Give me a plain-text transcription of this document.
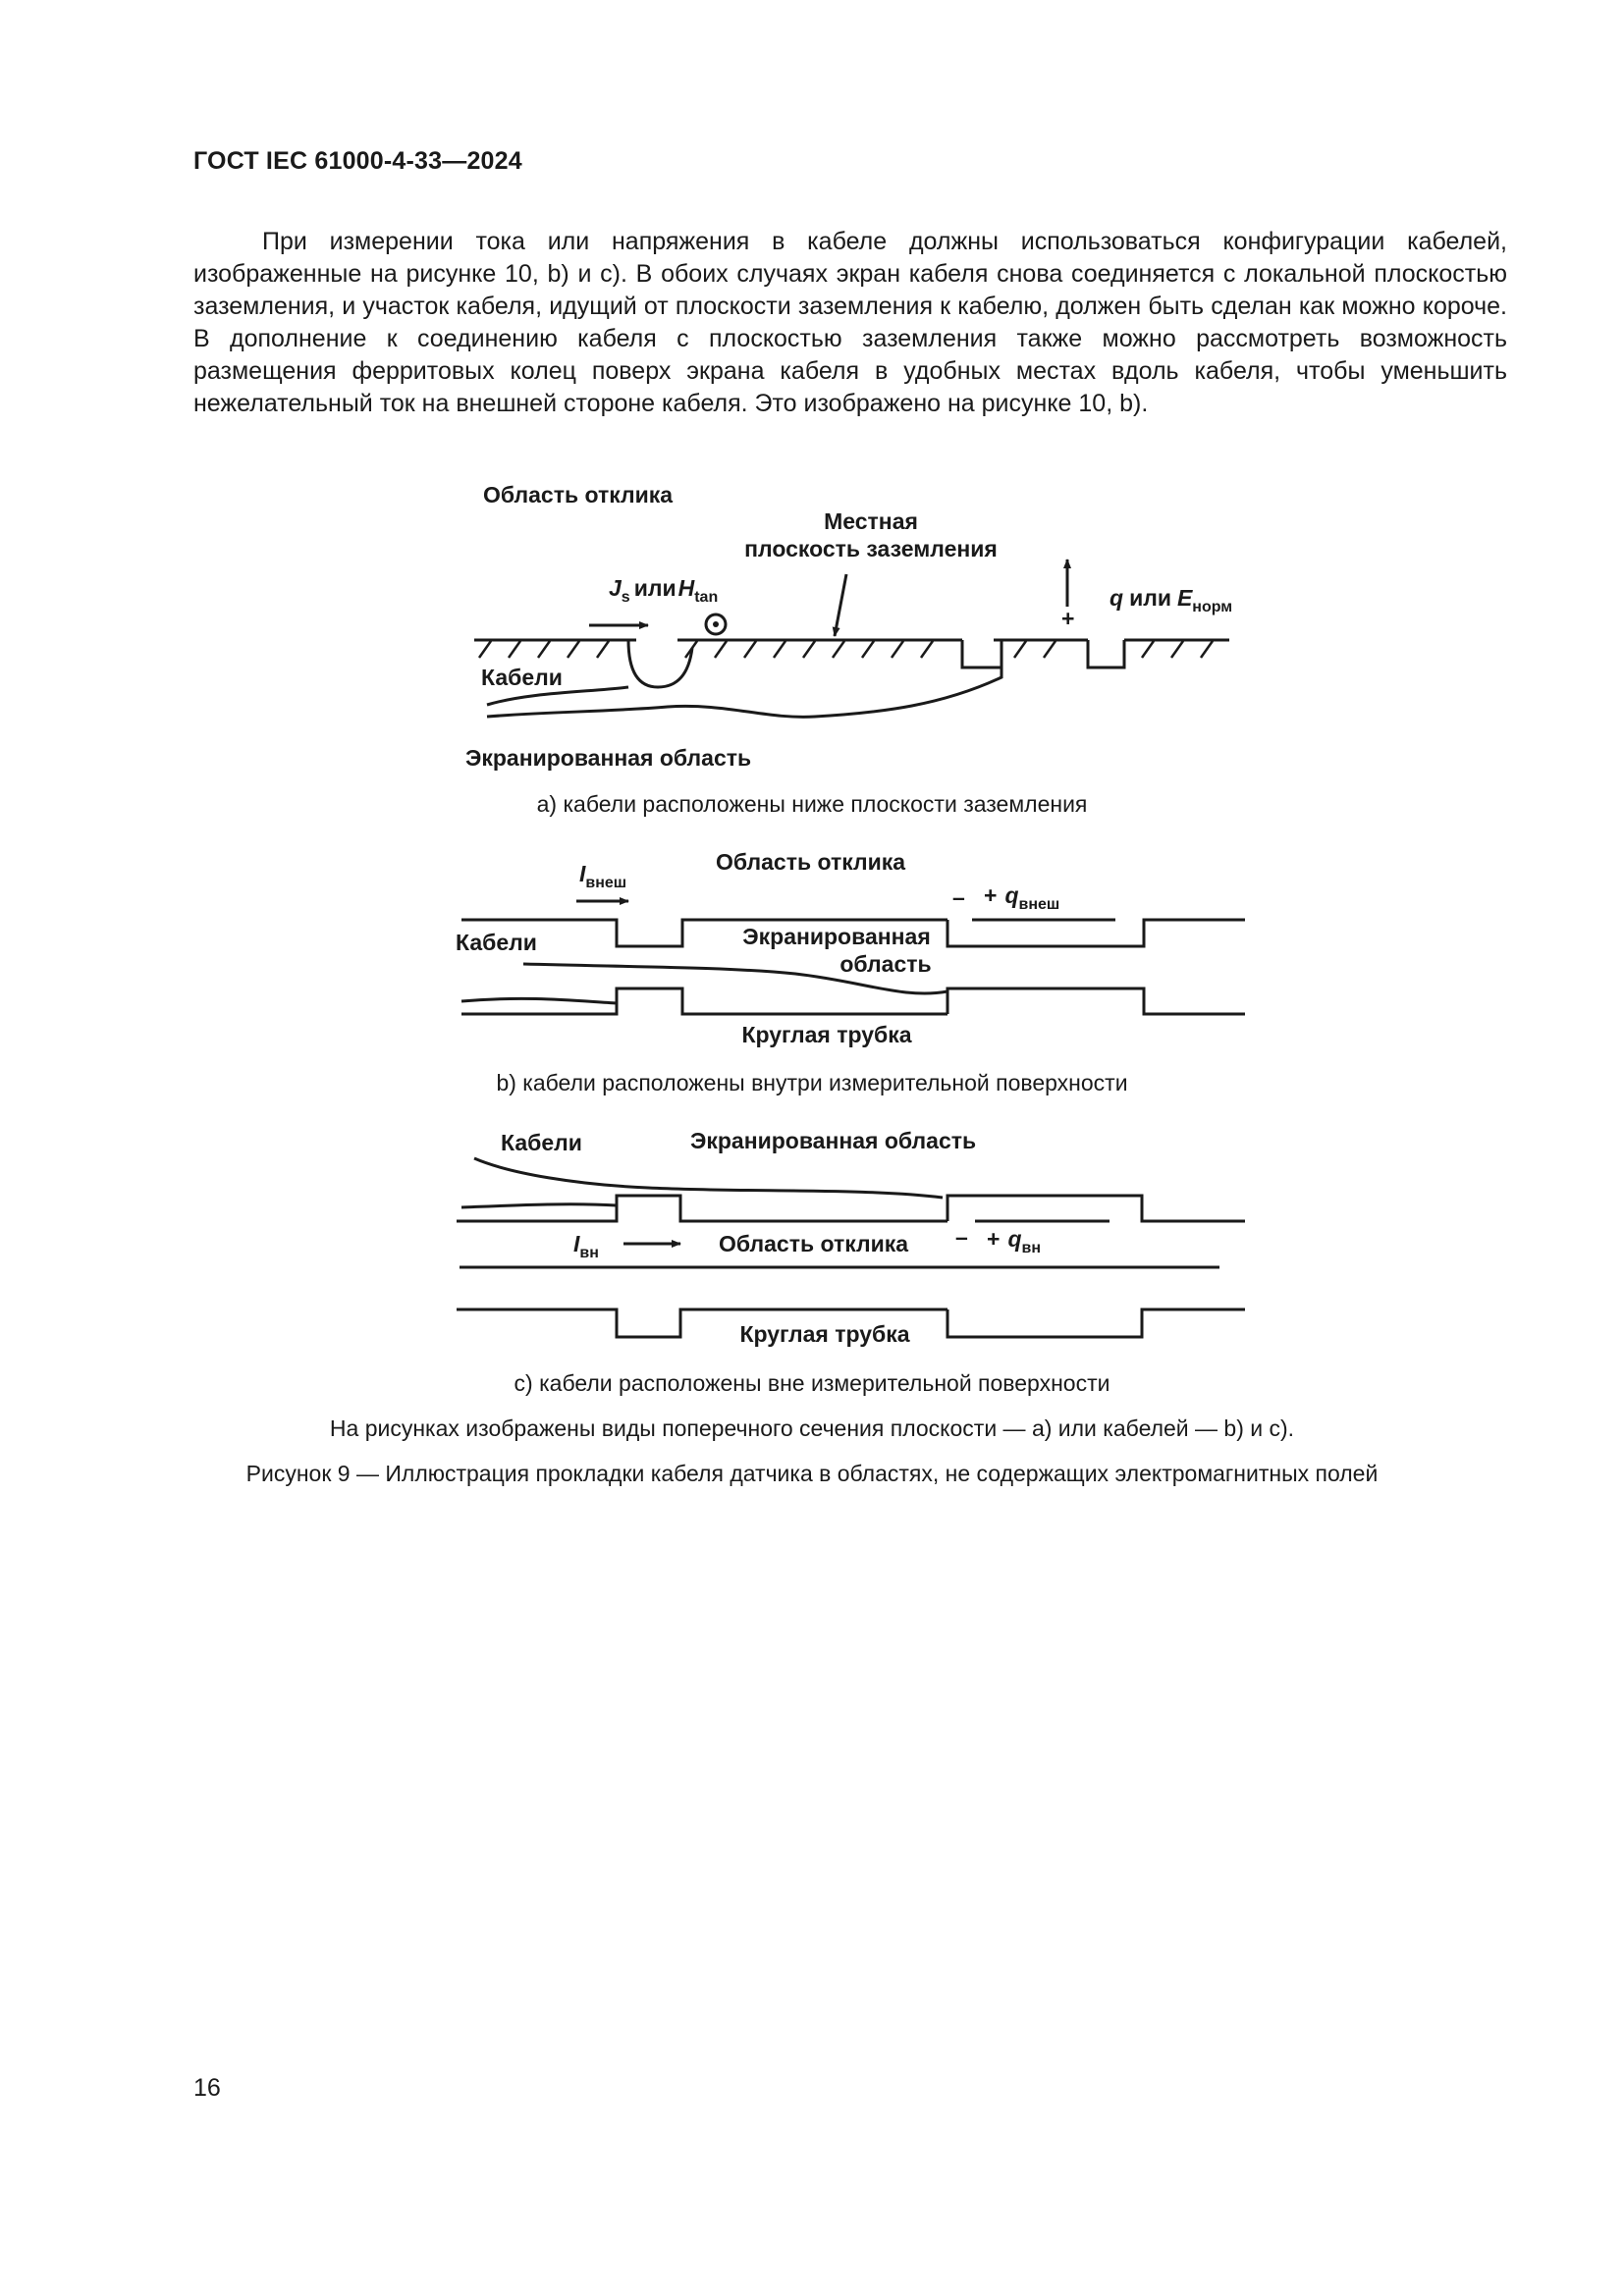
ГОСТ IEC 61000-4-33—2024

При измерении тока или напряжения в кабеле должны использоваться конфигурации кабелей, изображенные на рисунке 10, b) и c). В обоих случаях экран кабеля снова соединяется с локальной плоскостью заземления, и участок кабеля, идущий от плоскости заземления к кабелю, должен быть сделан как можно короче. В дополнение к соединению кабеля с плоскостью заземления также можно рассмотреть возможность размещения ферритовых колец поверх экрана кабеля в удобных местах вдоль кабеля, чтобы уменьшить нежелательный ток на внешней стороне кабеля. Это изображено на рисунке 10, b).

Область отклика
Местная
плоскость заземления
Js илиHtan	q или Eнорм
+
Кабели
Экранированная область
Область отклика
Iвнеш
– + qвнеш
Кабели	Экранированная
область
Круглая трубка
Кабели	Экранированная область
Iвн	Область отклика – + qвн
Круглая трубка
a) кабели расположены ниже плоскости заземления
b) кабели расположены внутри измерительной поверхности
c) кабели расположены вне измерительной поверхности
На рисунках изображены виды поперечного сечения плоскости — a) или кабелей — b) и c).
Рисунок 9 — Иллюстрация прокладки кабеля датчика в областях, не содержащих электромагнитных полей
16
